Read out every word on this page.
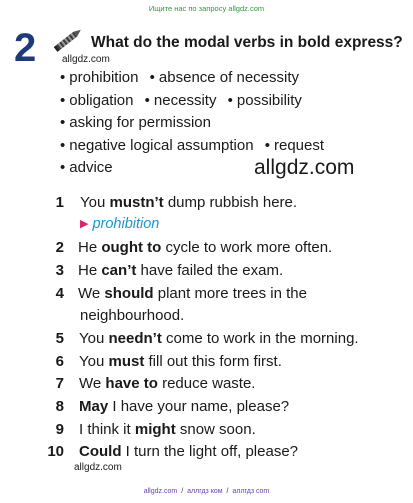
Ищите нас по запросу allgdz.com
2	What do the modal verbs in bold express?
allgdz.com
• prohibition • absence of necessity
• obligation • necessity • possibility
• asking for permission
• negative logical assumption • request
• advice	allgdz.com
1 You mustn’t dump rubbish here.
▶ prohibition
2 He ought to cycle to work more often.
3 He can’t have failed the exam.
4 We should plant more trees in the
neighbourhood.
5 You needn’t come to work in the morning.
6 You must fill out this form first.
7 We have to reduce waste.
8 May I have your name, please?
9 I think it might snow soon.
10 Could I turn the light off, please?
allgdz.com
allgdz.com / аллгдз ком / аллгдз com
